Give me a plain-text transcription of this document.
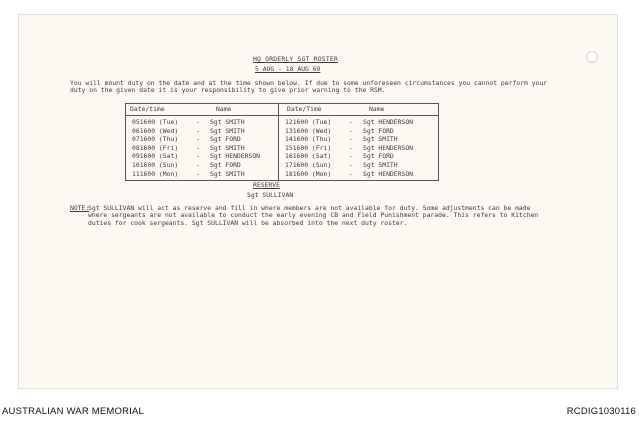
HQ ORDERLY SGT ROSTER
5 AUG - 18 AUG 69
You will mount duty on the date and at the time shown below. If due to some unforeseen circumstances you cannot perform your
duty on the given date it is your responsibility to give prior warning to the RSM.
Date/time	Name
051600 (Tue)	- Sgt SMITH
061600 (Wed)	- Sgt SMITH
071600 (Thu)	- Sgt FORD
081600 (Fri)	- Sgt SMITH
091600 (Sat)	- Sgt HENDERSON
101600 (Sun)	- Sgt FORD
111600 (Mon)	- Sgt SMITH
Date/Time	Name
121600 (Tue)	- Sgt HENDERSON
131600 (Wed)	- Sgt FORD
141600 (Thu)	- Sgt SMITH
151600 (Fri)	- Sgt HENDERSON
161600 (Sat)	- Sgt FORD
171600 (Sun)	- Sgt SMITH
181600 (Mon)	- Sgt HENDERSON
RESERVE
Sgt SULLIVAN
NOTE:
Sgt SULLIVAN will act as reserve and fill in where members are not available for duty. Some adjustments can be made
where sergeants are not available to conduct the early evening CB and Field Punishment parade. This refers to Kitchen
duties for cook sergeants. Sgt SULLIVAN will be absorbed into the next duty roster.
AUSTRALIAN WAR MEMORIAL	RCDIG1030116
